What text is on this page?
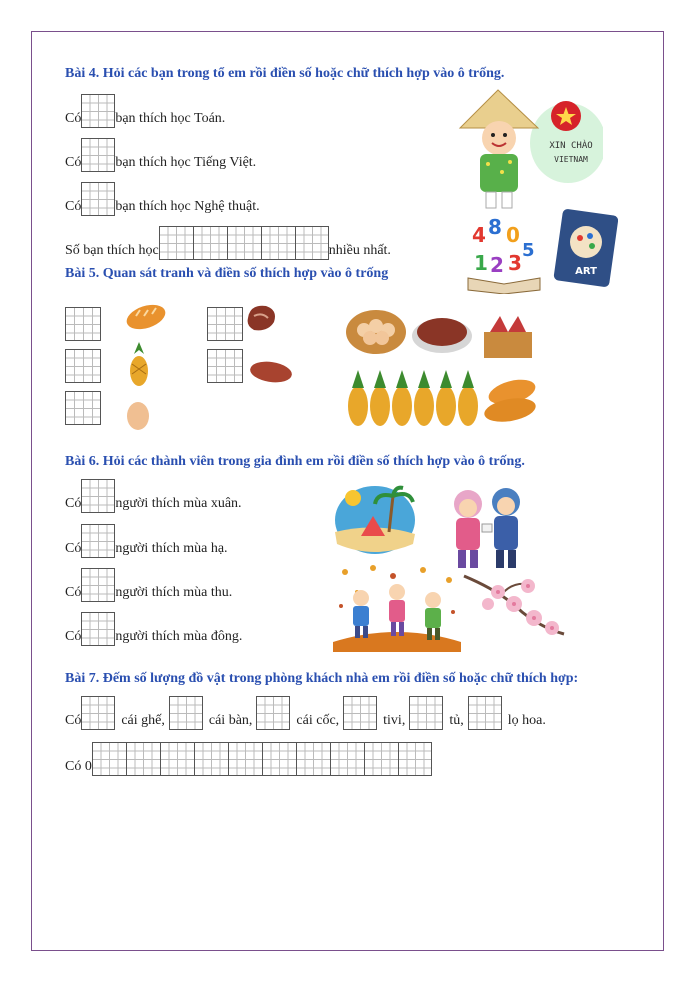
Bài 4. Hỏi các bạn trong tổ em rồi điền số hoặc chữ thích hợp vào ô trống.
Có bạn thích học Toán.
Có bạn thích học Tiếng Việt.
Có bạn thích học Nghệ thuật.
Số bạn thích học	nhiều nhất.
XIN CHÀO
VIETNAM
4 8 0
1 2 3
5
ART
Bài 5. Quan sát tranh và điền số thích hợp vào ô trống
Bài 6. Hỏi các thành viên trong gia đình em rồi điền số thích hợp vào ô trống.
Có người thích mùa xuân.
Có người thích mùa hạ.
Có người thích mùa thu.
Có người thích mùa đông.
Bài 7. Đếm số lượng đồ vật trong phòng khách nhà em rồi điền số hoặc chữ thích hợp:
Có	cái ghế,	cái bàn,	cái cốc,	tivi,	tủ,	lọ hoa.
Có 0
